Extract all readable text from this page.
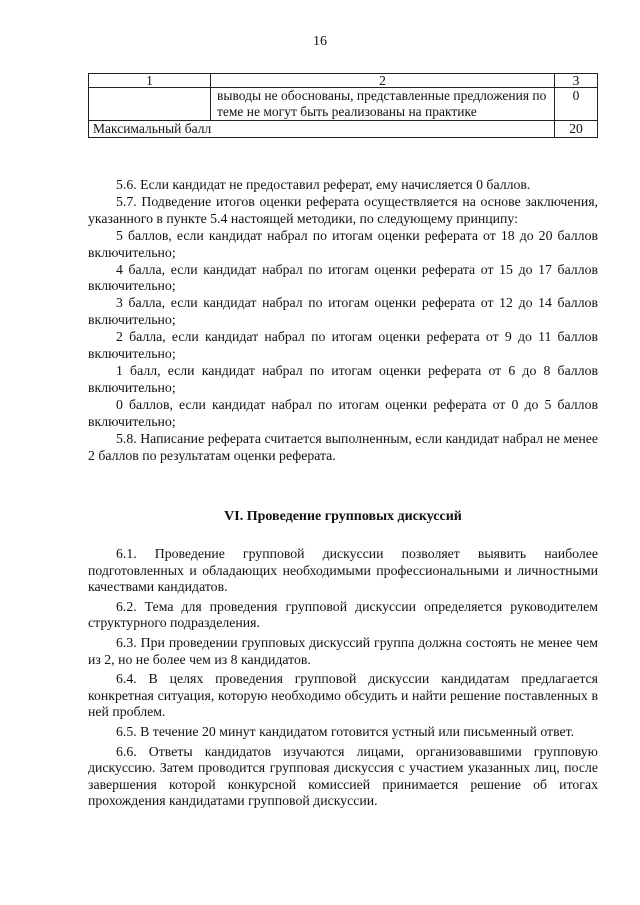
16
1	2	3
	выводы не обоснованы, представленные предложения по теме не могут быть реализованы на практике	0
Максимальный балл		20

5.6. Если кандидат не предоставил реферат, ему начисляется 0 баллов.

5.7. Подведение итогов оценки реферата осуществляется на основе заключения, указанного в пункте 5.4 настоящей методики, по следующему принципу:

5 баллов, если кандидат набрал по итогам оценки реферата от 18 до 20 баллов включительно;

4 балла, если кандидат набрал по итогам оценки реферата от 15 до 17 баллов включительно;

3 балла, если кандидат набрал по итогам оценки реферата от 12 до 14 баллов включительно;

2 балла, если кандидат набрал по итогам оценки реферата от 9 до 11 баллов включительно;

1 балл, если кандидат набрал по итогам оценки реферата от 6 до 8 баллов включительно;

0 баллов, если кандидат набрал по итогам оценки реферата от 0 до 5 баллов включительно;

5.8. Написание реферата считается выполненным, если кандидат набрал не менее 2 баллов по результатам оценки реферата.

VI. Проведение групповых дискуссий

6.1. Проведение групповой дискуссии позволяет выявить наиболее подготовленных и обладающих необходимыми профессиональными и личностными качествами кандидатов.

6.2. Тема для проведения групповой дискуссии определяется руководителем структурного подразделения.

6.3. При проведении групповых дискуссий группа должна состоять не менее чем из 2, но не более чем из 8 кандидатов.

6.4. В целях проведения групповой дискуссии кандидатам предлагается конкретная ситуация, которую необходимо обсудить и найти решение поставленных в ней проблем.

6.5. В течение 20 минут кандидатом готовится устный или письменный ответ.

6.6. Ответы кандидатов изучаются лицами, организовавшими групповую дискуссию. Затем проводится групповая дискуссия с участием указанных лиц, после завершения которой конкурсной комиссией принимается решение об итогах прохождения кандидатами групповой дискуссии.
